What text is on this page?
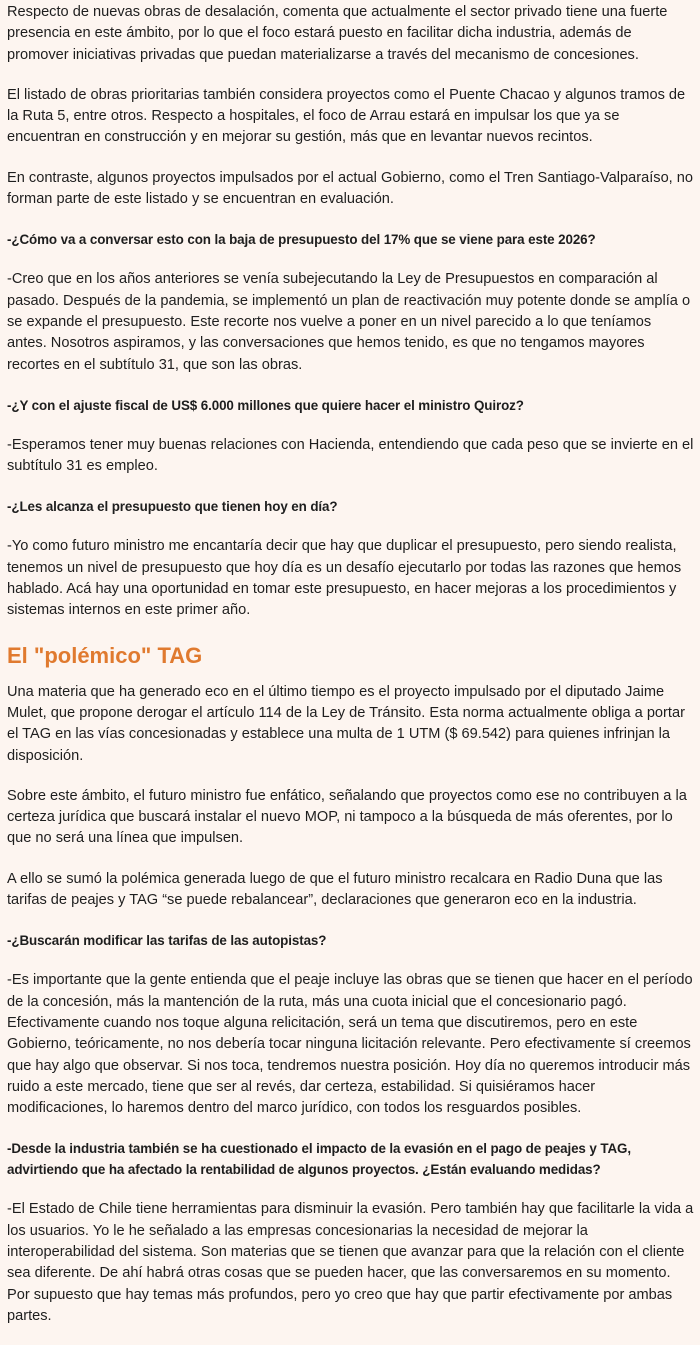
Respecto de nuevas obras de desalación, comenta que actualmente el sector privado tiene una fuerte presencia en este ámbito, por lo que el foco estará puesto en facilitar dicha industria, además de promover iniciativas privadas que puedan materializarse a través del mecanismo de concesiones.

El listado de obras prioritarias también considera proyectos como el Puente Chacao y algunos tramos de la Ruta 5, entre otros. Respecto a hospitales, el foco de Arrau estará en impulsar los que ya se encuentran en construcción y en mejorar su gestión, más que en levantar nuevos recintos.

En contraste, algunos proyectos impulsados por el actual Gobierno, como el Tren Santiago-Valparaíso, no forman parte de este listado y se encuentran en evaluación.

-¿Cómo va a conversar esto con la baja de presupuesto del 17% que se viene para este 2026?

-Creo que en los años anteriores se venía subejecutando la Ley de Presupuestos en comparación al pasado. Después de la pandemia, se implementó un plan de reactivación muy potente donde se amplía o se expande el presupuesto. Este recorte nos vuelve a poner en un nivel parecido a lo que teníamos antes. Nosotros aspiramos, y las conversaciones que hemos tenido, es que no tengamos mayores recortes en el subtítulo 31, que son las obras.

-¿Y con el ajuste fiscal de US$ 6.000 millones que quiere hacer el ministro Quiroz?

-Esperamos tener muy buenas relaciones con Hacienda, entendiendo que cada peso que se invierte en el subtítulo 31 es empleo.

-¿Les alcanza el presupuesto que tienen hoy en día?

-Yo como futuro ministro me encantaría decir que hay que duplicar el presupuesto, pero siendo realista, tenemos un nivel de presupuesto que hoy día es un desafío ejecutarlo por todas las razones que hemos hablado. Acá hay una oportunidad en tomar este presupuesto, en hacer mejoras a los procedimientos y sistemas internos en este primer año.

El "polémico" TAG

Una materia que ha generado eco en el último tiempo es el proyecto impulsado por el diputado Jaime Mulet, que propone derogar el artículo 114 de la Ley de Tránsito. Esta norma actualmente obliga a portar el TAG en las vías concesionadas y establece una multa de 1 UTM ($ 69.542) para quienes infrinjan la disposición.

Sobre este ámbito, el futuro ministro fue enfático, señalando que proyectos como ese no contribuyen a la certeza jurídica que buscará instalar el nuevo MOP, ni tampoco a la búsqueda de más oferentes, por lo que no será una línea que impulsen.

A ello se sumó la polémica generada luego de que el futuro ministro recalcara en Radio Duna que las tarifas de peajes y TAG “se puede rebalancear”, declaraciones que generaron eco en la industria.

-¿Buscarán modificar las tarifas de las autopistas?

-Es importante que la gente entienda que el peaje incluye las obras que se tienen que hacer en el período de la concesión, más la mantención de la ruta, más una cuota inicial que el concesionario pagó. Efectivamente cuando nos toque alguna relicitación, será un tema que discutiremos, pero en este Gobierno, teóricamente, no nos debería tocar ninguna licitación relevante. Pero efectivamente sí creemos que hay algo que observar. Si nos toca, tendremos nuestra posición. Hoy día no queremos introducir más ruido a este mercado, tiene que ser al revés, dar certeza, estabilidad. Si quisiéramos hacer modificaciones, lo haremos dentro del marco jurídico, con todos los resguardos posibles.

-Desde la industria también se ha cuestionado el impacto de la evasión en el pago de peajes y TAG, advirtiendo que ha afectado la rentabilidad de algunos proyectos. ¿Están evaluando medidas?

-El Estado de Chile tiene herramientas para disminuir la evasión. Pero también hay que facilitarle la vida a los usuarios. Yo le he señalado a las empresas concesionarias la necesidad de mejorar la interoperabilidad del sistema. Son materias que se tienen que avanzar para que la relación con el cliente sea diferente. De ahí habrá otras cosas que se pueden hacer, que las conversaremos en su momento. Por supuesto que hay temas más profundos, pero yo creo que hay que partir efectivamente por ambas partes.
